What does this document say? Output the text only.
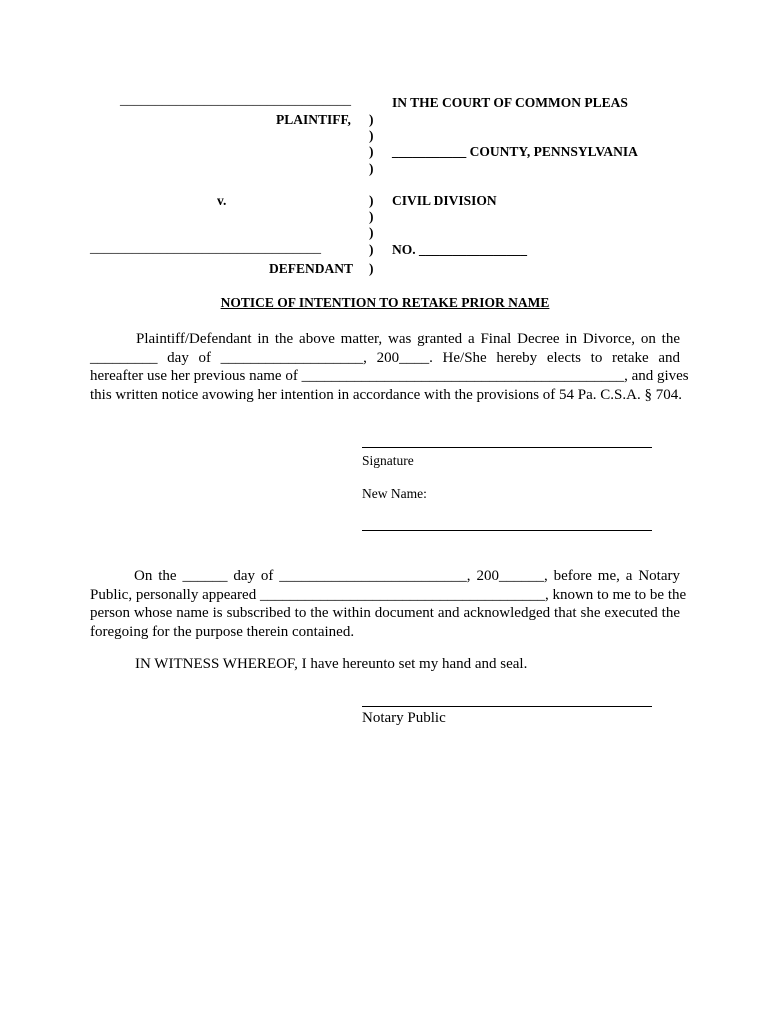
_________________________________
PLAINTIFF,
v.
_________________________________
DEFENDANT
)
)
)
)
)
)
)
)
)
IN THE COURT OF COMMON PLEAS
___________ COUNTY, PENNSYLVANIA
CIVIL DIVISION
NO. ________________
NOTICE OF INTENTION TO RETAKE PRIOR NAME
Plaintiff/Defendant in the above matter, was granted a Final Decree in Divorce, on the
_________ day of ___________________, 200____. He/She hereby elects to retake and
hereafter use her previous name of ___________________________________________, and gives
this written notice avowing her intention in accordance with the provisions of 54 Pa. C.S.A. § 704.
Signature
New Name:
On the ______ day of _________________________, 200______, before me, a Notary
Public, personally appeared ______________________________________, known to me to be the
person whose name is subscribed to the within document and acknowledged that she executed the
foregoing for the purpose therein contained.
IN WITNESS WHEREOF, I have hereunto set my hand and seal.
Notary Public
